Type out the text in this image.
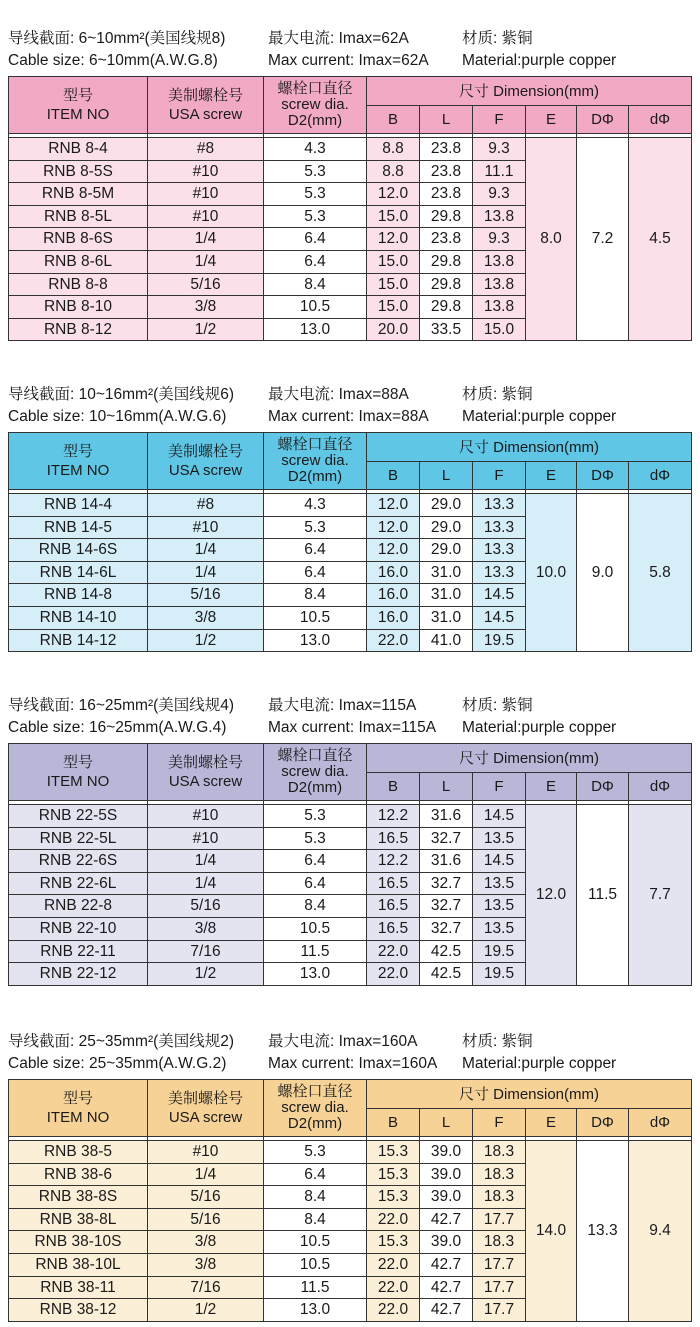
导线截面: 6~10mm²(美国线规8)	最大电流: Imax=62A	材质: 紫铜
Cable size: 6~10mm(A.W.G.8)	Max current: Imax=62A Material:purple copper
型号
ITEM NO	美制螺栓号
USA screw	螺栓口直径
screw dia.
D2(mm)	尺寸 Dimension(mm)					
			B	L	F	E	DΦ	dΦ

RNB 8-4	#8	4.3	8.8	23.8	9.3	8.0	7.2	4.5
RNB 8-5S	#10	5.3	8.8	23.8	11.1			
RNB 8-5M	#10	5.3	12.0	23.8	9.3			
RNB 8-5L	#10	5.3	15.0	29.8	13.8			
RNB 8-6S	1/4	6.4	12.0	23.8	9.3			
RNB 8-6L	1/4	6.4	15.0	29.8	13.8			
RNB 8-8	5/16	8.4	15.0	29.8	13.8			
RNB 8-10	3/8	10.5	15.0	29.8	13.8			
RNB 8-12	1/2	13.0	20.0	33.5	15.0			
导线截面: 10~16mm²(美国线规6) 最大电流: Imax=88A	材质: 紫铜
Cable size: 10~16mm(A.W.G.6)	Max current: Imax=88A Material:purple copper
型号
ITEM NO	美制螺栓号
USA screw	螺栓口直径
screw dia.
D2(mm)	尺寸 Dimension(mm)					
			B	L	F	E	DΦ	dΦ

RNB 14-4	#8	4.3	12.0	29.0	13.3	10.0	9.0	5.8
RNB 14-5	#10	5.3	12.0	29.0	13.3			
RNB 14-6S	1/4	6.4	12.0	29.0	13.3			
RNB 14-6L	1/4	6.4	16.0	31.0	13.3			
RNB 14-8	5/16	8.4	16.0	31.0	14.5			
RNB 14-10	3/8	10.5	16.0	31.0	14.5			
RNB 14-12	1/2	13.0	22.0	41.0	19.5			
导线截面: 16~25mm²(美国线规4) 最大电流: Imax=115A	材质: 紫铜
Cable size: 16~25mm(A.W.G.4)	Max current: Imax=115A Material:purple copper
型号
ITEM NO	美制螺栓号
USA screw	螺栓口直径
screw dia.
D2(mm)	尺寸 Dimension(mm)					
			B	L	F	E	DΦ	dΦ

RNB 22-5S	#10	5.3	12.2	31.6	14.5	12.0	11.5	7.7
RNB 22-5L	#10	5.3	16.5	32.7	13.5			
RNB 22-6S	1/4	6.4	12.2	31.6	14.5			
RNB 22-6L	1/4	6.4	16.5	32.7	13.5			
RNB 22-8	5/16	8.4	16.5	32.7	13.5			
RNB 22-10	3/8	10.5	16.5	32.7	13.5			
RNB 22-11	7/16	11.5	22.0	42.5	19.5			
RNB 22-12	1/2	13.0	22.0	42.5	19.5			
导线截面: 25~35mm²(美国线规2) 最大电流: Imax=160A	材质: 紫铜
Cable size: 25~35mm(A.W.G.2)	Max current: Imax=160A Material:purple copper
型号
ITEM NO	美制螺栓号
USA screw	螺栓口直径
screw dia.
D2(mm)	尺寸 Dimension(mm)					
			B	L	F	E	DΦ	dΦ

RNB 38-5	#10	5.3	15.3	39.0	18.3	14.0	13.3	9.4
RNB 38-6	1/4	6.4	15.3	39.0	18.3			
RNB 38-8S	5/16	8.4	15.3	39.0	18.3			
RNB 38-8L	5/16	8.4	22.0	42.7	17.7			
RNB 38-10S	3/8	10.5	15.3	39.0	18.3			
RNB 38-10L	3/8	10.5	22.0	42.7	17.7			
RNB 38-11	7/16	11.5	22.0	42.7	17.7			
RNB 38-12	1/2	13.0	22.0	42.7	17.7			
